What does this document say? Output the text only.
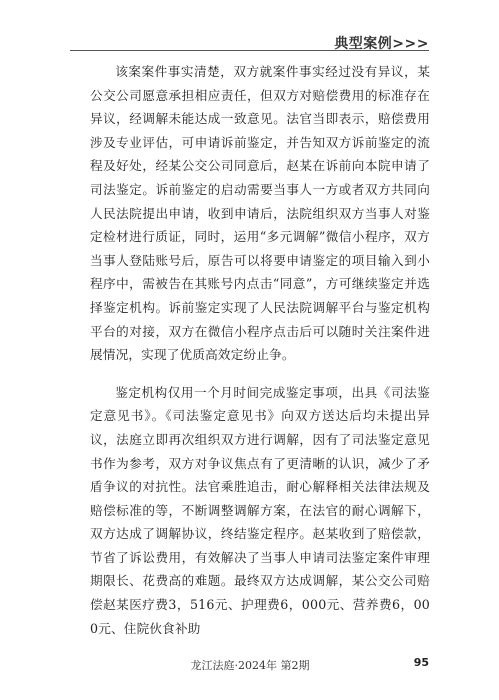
典型案例>>>

该案案件事实清楚，双方就案件事实经过没有异议，某公交公司愿意承担相应责任，但双方对赔偿费用的标准存在异议，经调解未能达成一致意见。法官当即表示，赔偿费用涉及专业评估，可申请诉前鉴定，并告知双方诉前鉴定的流程及好处，经某公交公司同意后，赵某在诉前向本院申请了司法鉴定。诉前鉴定的启动需要当事人一方或者双方共同向人民法院提出申请，收到申请后，法院组织双方当事人对鉴定检材进行质证，同时，运用“多元调解”微信小程序，双方当事人登陆账号后，原告可以将要申请鉴定的项目输入到小程序中，需被告在其账号内点击“同意”，方可继续鉴定并选择鉴定机构。诉前鉴定实现了人民法院调解平台与鉴定机构平台的对接，双方在微信小程序点击后可以随时关注案件进展情况，实现了优质高效定纷止争。

鉴定机构仅用一个月时间完成鉴定事项，出具《司法鉴定意见书》。《司法鉴定意见书》向双方送达后均未提出异议，法庭立即再次组织双方进行调解，因有了司法鉴定意见书作为参考，双方对争议焦点有了更清晰的认识，减少了矛盾争议的对抗性。法官乘胜追击，耐心解释相关法律法规及赔偿标准的等，不断调整调解方案，在法官的耐心调解下，双方达成了调解协议，终结鉴定程序。赵某收到了赔偿款，节省了诉讼费用，有效解决了当事人申请司法鉴定案件审理期限长、花费高的难题。最终双方达成调解，某公交公司赔偿赵某医疗费3，516元、护理费6，000元、营养费6，000元、住院伙食补助

龙江法庭·2024年 第2期	95
